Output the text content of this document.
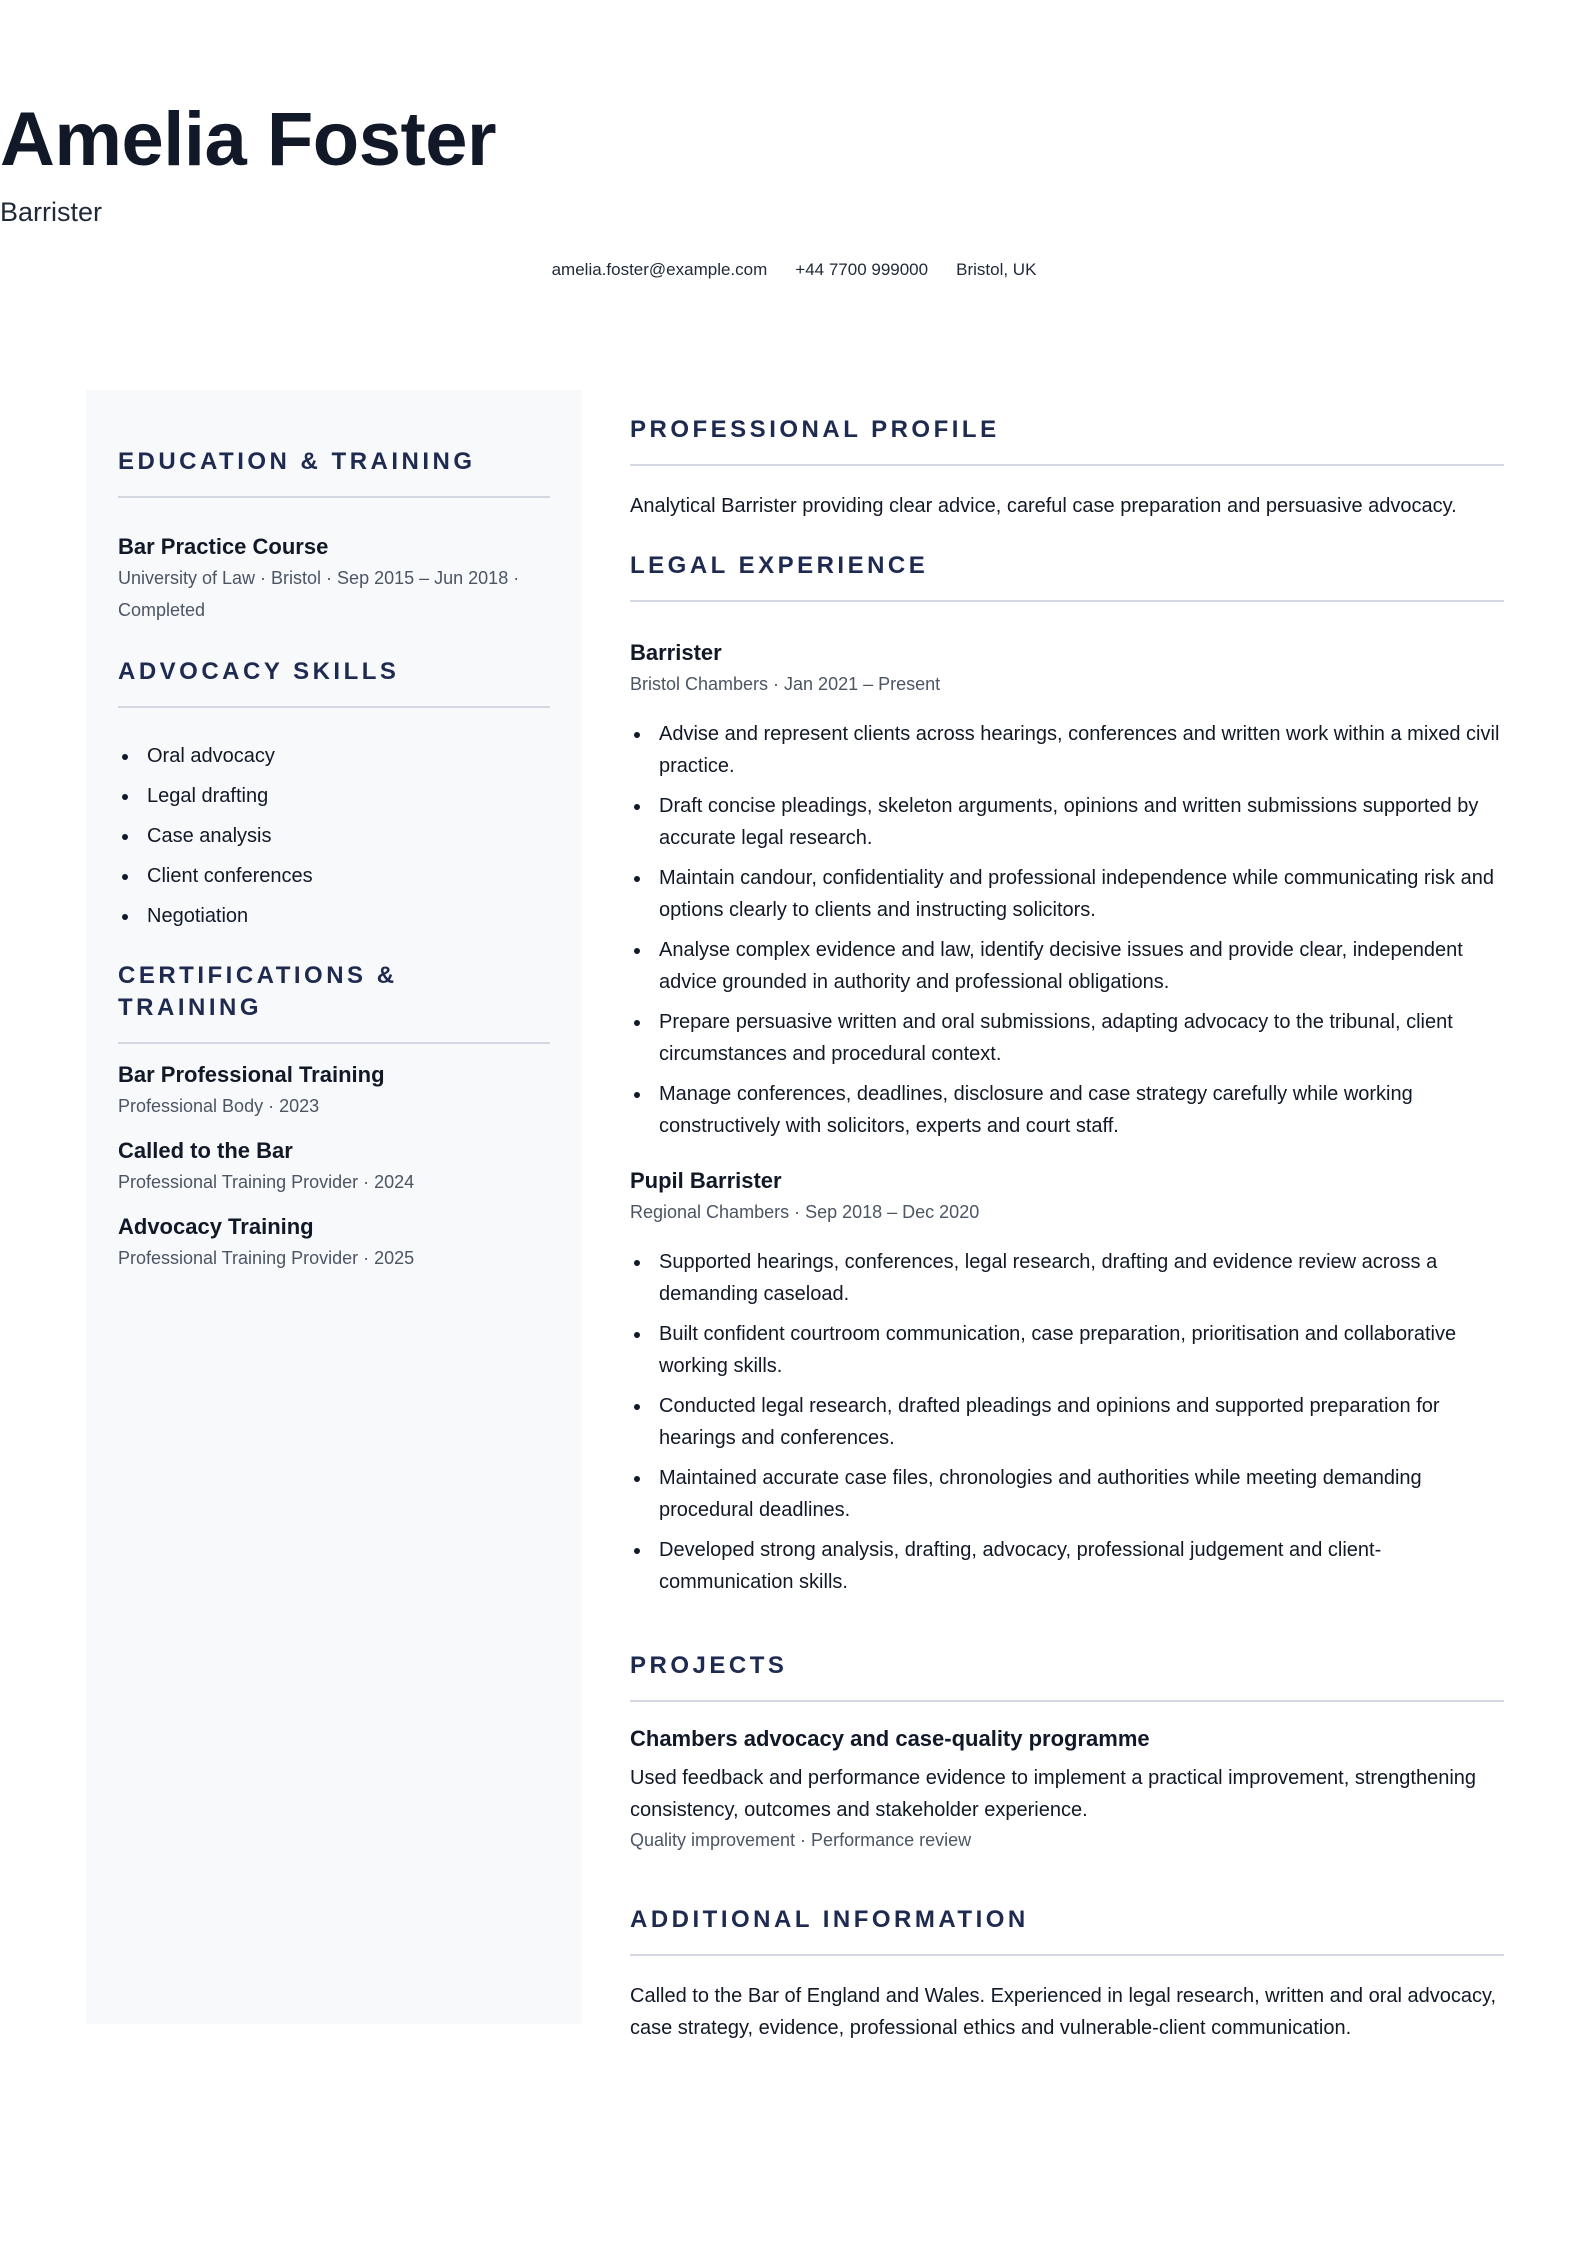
Amelia Foster
Barrister
amelia.foster@example.com +44 7700 999000 Bristol, UK
EDUCATION & TRAINING
Bar Practice Course
University of Law · Bristol · Sep 2015 – Jun 2018 · Completed
ADVOCACY SKILLS
Oral advocacy
Legal drafting
Case analysis
Client conferences
Negotiation
CERTIFICATIONS & TRAINING
Bar Professional Training
Professional Body · 2023
Called to the Bar
Professional Training Provider · 2024
Advocacy Training
Professional Training Provider · 2025
PROFESSIONAL PROFILE
Analytical Barrister providing clear advice, careful case preparation and persuasive advocacy.
LEGAL EXPERIENCE
Barrister
Bristol Chambers · Jan 2021 – Present
Advise and represent clients across hearings, conferences and written work within a mixed civil practice.
Draft concise pleadings, skeleton arguments, opinions and written submissions supported by accurate legal research.
Maintain candour, confidentiality and professional independence while communicating risk and options clearly to clients and instructing solicitors.
Analyse complex evidence and law, identify decisive issues and provide clear, independent advice grounded in authority and professional obligations.
Prepare persuasive written and oral submissions, adapting advocacy to the tribunal, client circumstances and procedural context.
Manage conferences, deadlines, disclosure and case strategy carefully while working constructively with solicitors, experts and court staff.
Pupil Barrister
Regional Chambers · Sep 2018 – Dec 2020
Supported hearings, conferences, legal research, drafting and evidence review across a demanding caseload.
Built confident courtroom communication, case preparation, prioritisation and collaborative working skills.
Conducted legal research, drafted pleadings and opinions and supported preparation for hearings and conferences.
Maintained accurate case files, chronologies and authorities while meeting demanding procedural deadlines.
Developed strong analysis, drafting, advocacy, professional judgement and client-communication skills.
PROJECTS
Chambers advocacy and case-quality programme
Used feedback and performance evidence to implement a practical improvement, strengthening consistency, outcomes and stakeholder experience.
Quality improvement · Performance review
ADDITIONAL INFORMATION
Called to the Bar of England and Wales. Experienced in legal research, written and oral advocacy, case strategy, evidence, professional ethics and vulnerable-client communication.
